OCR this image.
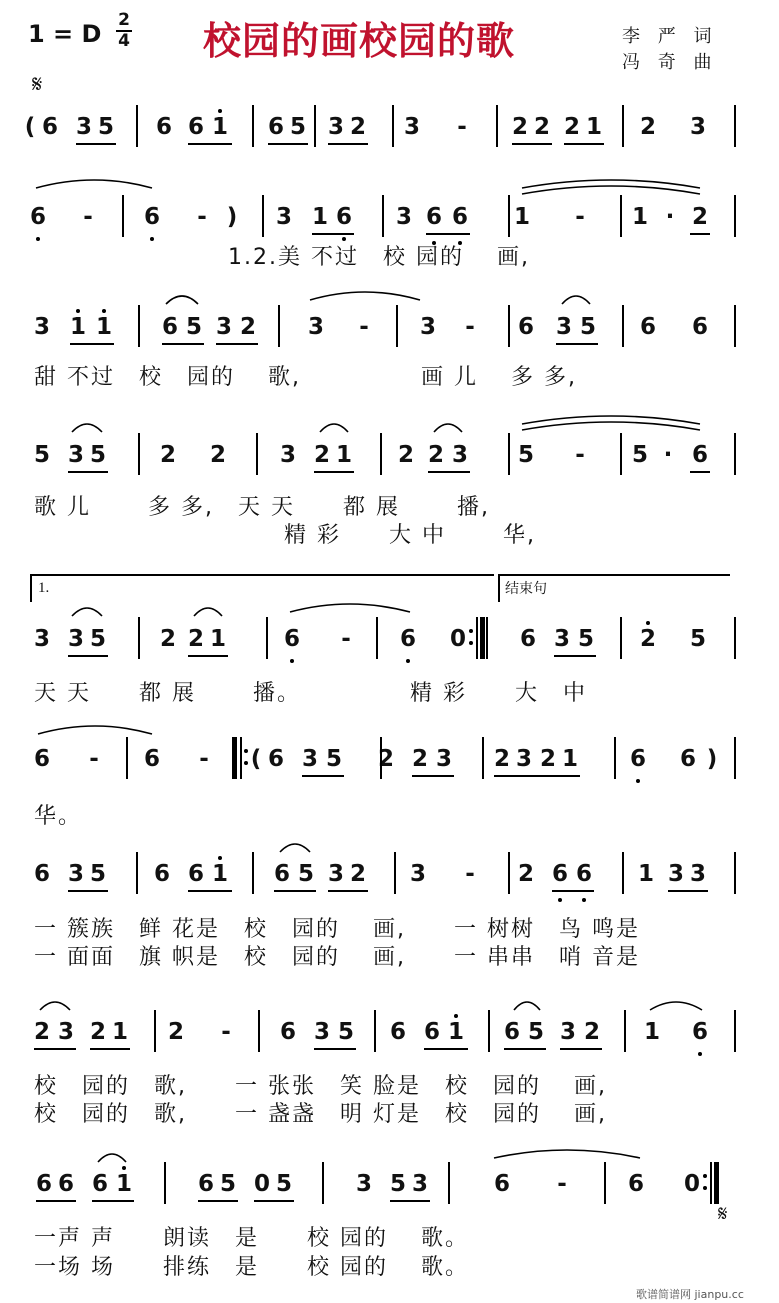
1 = D 2
4 校园的画校园的歌	李 严 词
冯 奇 曲
𝄋
( 6 3 5 6 6 1 6 5 3 2 3	-	2 2 2 1 2 3
6	-	6	- ) 3 1 6 3 6 6 1	-	1 · 2
3 1 1 6 5 3 2 3	-	3	-	6 3 5 6 6
5 3 5 2 2 3 2 1 2 2 3 5	-	5 · 6
3 3 5 2 2 1	6	-	6 0 6 3 5 2 5
6	-	6	-	( 6 3 5 2 2 3 2 3 2 1 6 6 )
6 3 5 6 6 1 6 5 3 2 3	-	2 6 6 1 3 3
2 3 2 1 2	-	6 3 5 6 6 1 6 5 3 2 1 6
6 6 6 1	6 5 0 5	3 5 3	6	-	6 0
1.2.美 不过　校 园的　 画,
甜 不过　校　园的　 歌,　　　　　画 儿　 多 多,
歌 儿　　 多 多,　天 天　　都 展　　 播,
精 彩　　大 中　　 华,
天 天　　都 展　　 播。　　　　　精 彩　　大　中
华。
一 簇族　鲜 花是　校　园的　 画,　　一 树树　鸟 鸣是
一 面面　旗 帜是　校　园的　 画,　　一 串串　哨 音是
校　园的　歌,　　一 张张　笑 脸是　校　园的　 画,
校　园的　歌,　　一 盏盏　明 灯是　校　园的　 画,
一声 声　　朗读　是　　校 园的　 歌。
一场 场　　排练　是　　校 园的　 歌。
1.	结束句
𝄋
歌谱简谱网 jianpu.cc
